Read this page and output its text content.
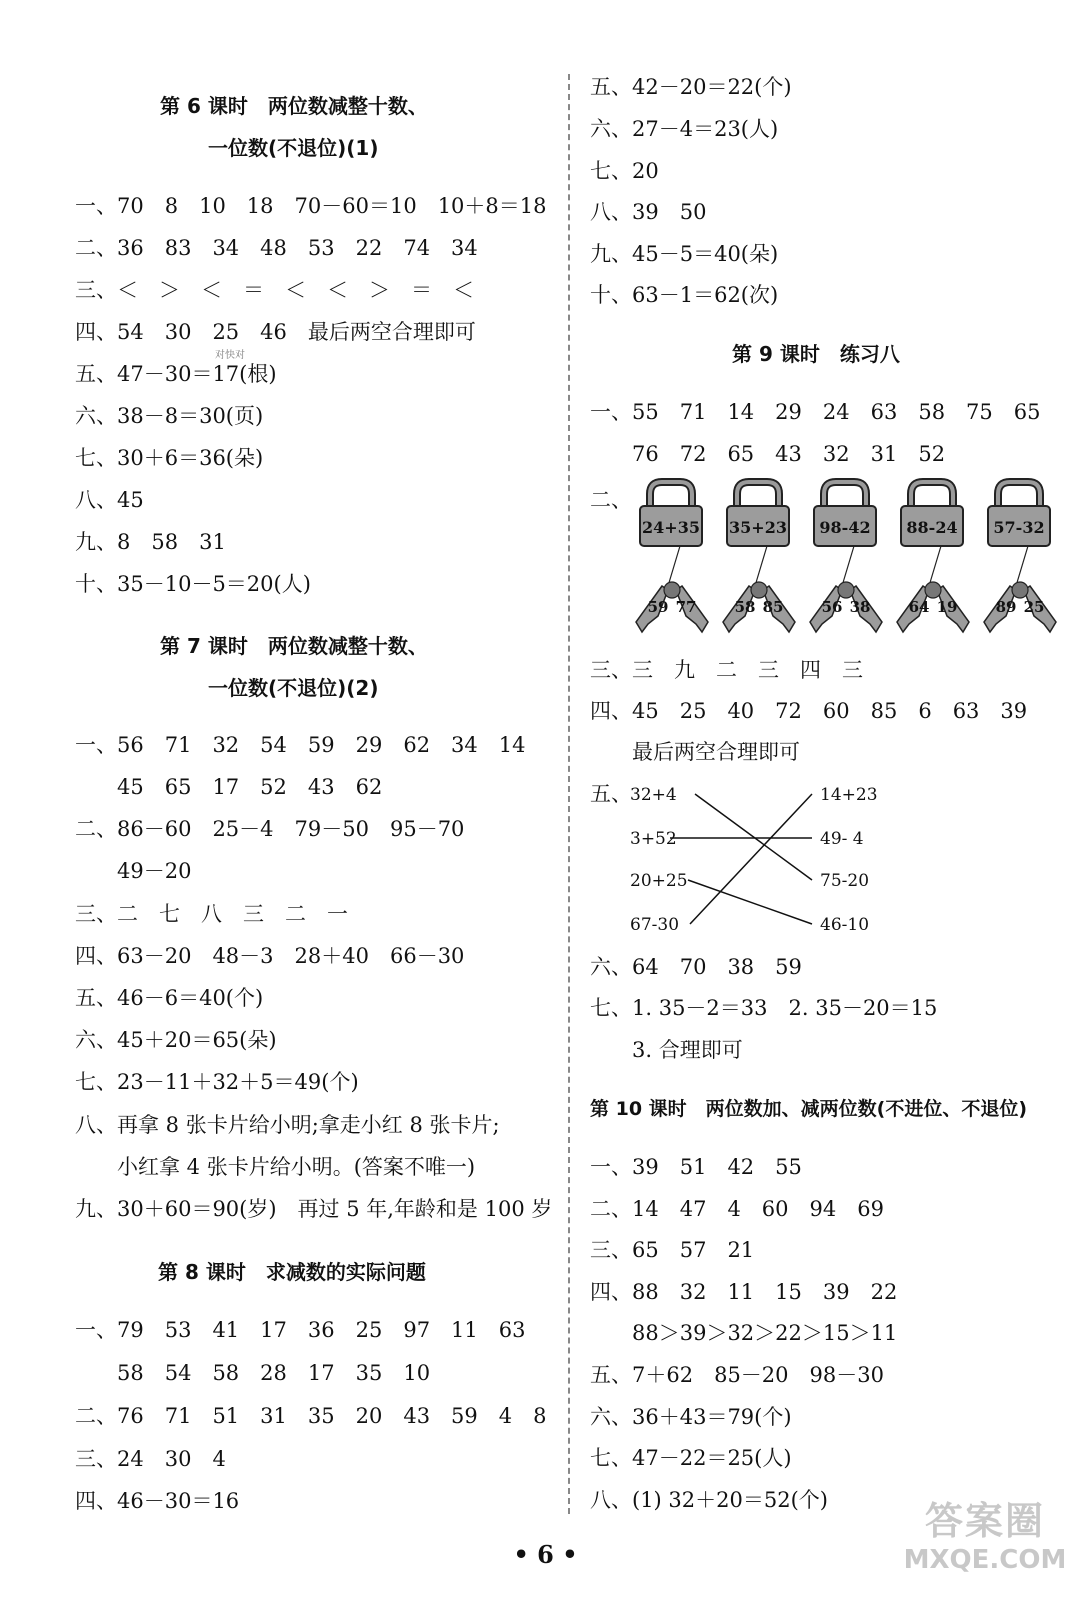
第 6 课时　两位数减整十数、
一位数(不退位)(1)
一、70　8　10　18　70－60＝10　10＋8＝18
二、36　83　34　48　53　22　74　34
三、＜　＞　＜　＝　＜　＜　＞　＝　＜
四、54　30　25　46　最后两空合理即可
对快对
五、47－30＝17(根)
六、38－8＝30(页)
七、30＋6＝36(朵)
八、45
九、8　58　31
十、35－10－5＝20(人)
第 7 课时　两位数减整十数、
一位数(不退位)(2)
一、56　71　32　54　59　29　62　34　14
　　45　65　17　52　43　62
二、86－60　25－4　79－50　95－70
　　49－20
三、二　七　八　三　二　一
四、63－20　48－3　28＋40　66－30
五、46－6＝40(个)
六、45＋20＝65(朵)
七、23－11＋32＋5＝49(个)
八、再拿 8 张卡片给小明;拿走小红 8 张卡片;
　　小红拿 4 张卡片给小明。(答案不唯一)
九、30＋60＝90(岁)　再过 5 年,年龄和是 100 岁
第 8 课时　求减数的实际问题
一、79　53　41　17　36　25　97　11　63
　　58　54　58　28　17　35　10
二、76　71　51　31　35　20　43　59　4　8
三、24　30　4
四、46－30＝16
五、42－20＝22(个)
六、27－4＝23(人)
七、20
八、39　50
九、45－5＝40(朵)
十、63－1＝62(次)
第 9 课时　练习八
一、55　71　14　29　24　63　58　75　65
　　76　72　65　43　32　31　52
二、
24+35
59 77
35+23
58 85
98-42
56 38
88-24
64 19
57-32
89 25
三、三　九　二　三　四　三
四、45　25　40　72　60　85　6　63　39
　　最后两空合理即可
五、
32+4
3+52
20+25
67-30
14+23
49- 4
75-20
46-10
六、64　70　38　59
七、1. 35－2＝33　2. 35－20＝15
　　3. 合理即可
第 10 课时　两位数加、减两位数(不进位、不退位)
一、39　51　42　55
二、14　47　4　60　94　69
三、65　57　21
四、88　32　11　15　39　22
　　88＞39＞32＞22＞15＞11
五、7＋62　85－20　98－30
六、36＋43＝79(个)
七、47－22＝25(人)
八、(1) 32＋20＝52(个)
• 6 •
答案圈
MXQE.COM
